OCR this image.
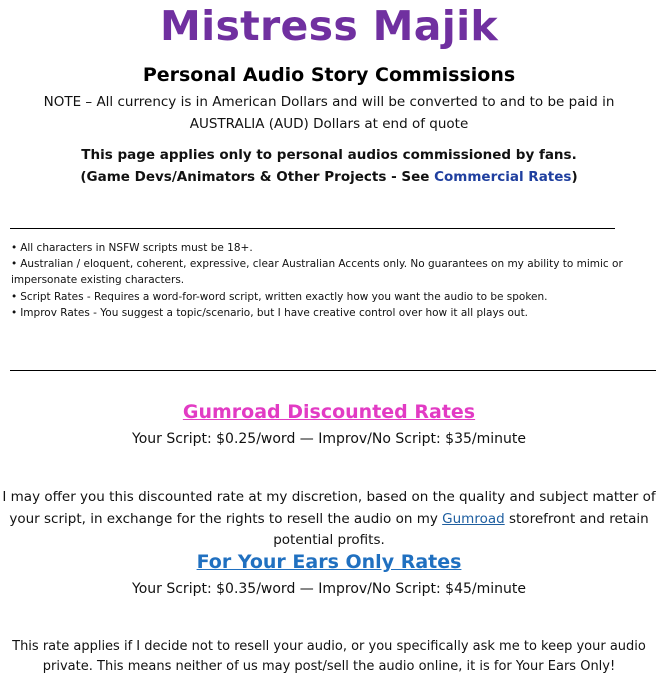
Mistress Majik
Personal Audio Story Commissions
NOTE – All currency is in American Dollars and will be converted to and to be paid in
AUSTRALIA (AUD) Dollars at end of quote
This page applies only to personal audios commissioned by fans.
(Game Devs/Animators & Other Projects - See Commercial Rates)
• All characters in NSFW scripts must be 18+.
• Australian / eloquent, coherent, expressive, clear Australian Accents only. No guarantees on my ability to mimic or impersonate existing characters.
• Script Rates - Requires a word-for-word script, written exactly how you want the audio to be spoken.
• Improv Rates - You suggest a topic/scenario, but I have creative control over how it all plays out.
Gumroad Discounted Rates
Your Script: $0.25/word — Improv/No Script: $35/minute
I may offer you this discounted rate at my discretion, based on the quality and subject matter of your script, in exchange for the rights to resell the audio on my Gumroad storefront and retain potential profits.
For Your Ears Only Rates
Your Script: $0.35/word — Improv/No Script: $45/minute
This rate applies if I decide not to resell your audio, or you specifically ask me to keep your audio private. This means neither of us may post/sell the audio online, it is for Your Ears Only!
